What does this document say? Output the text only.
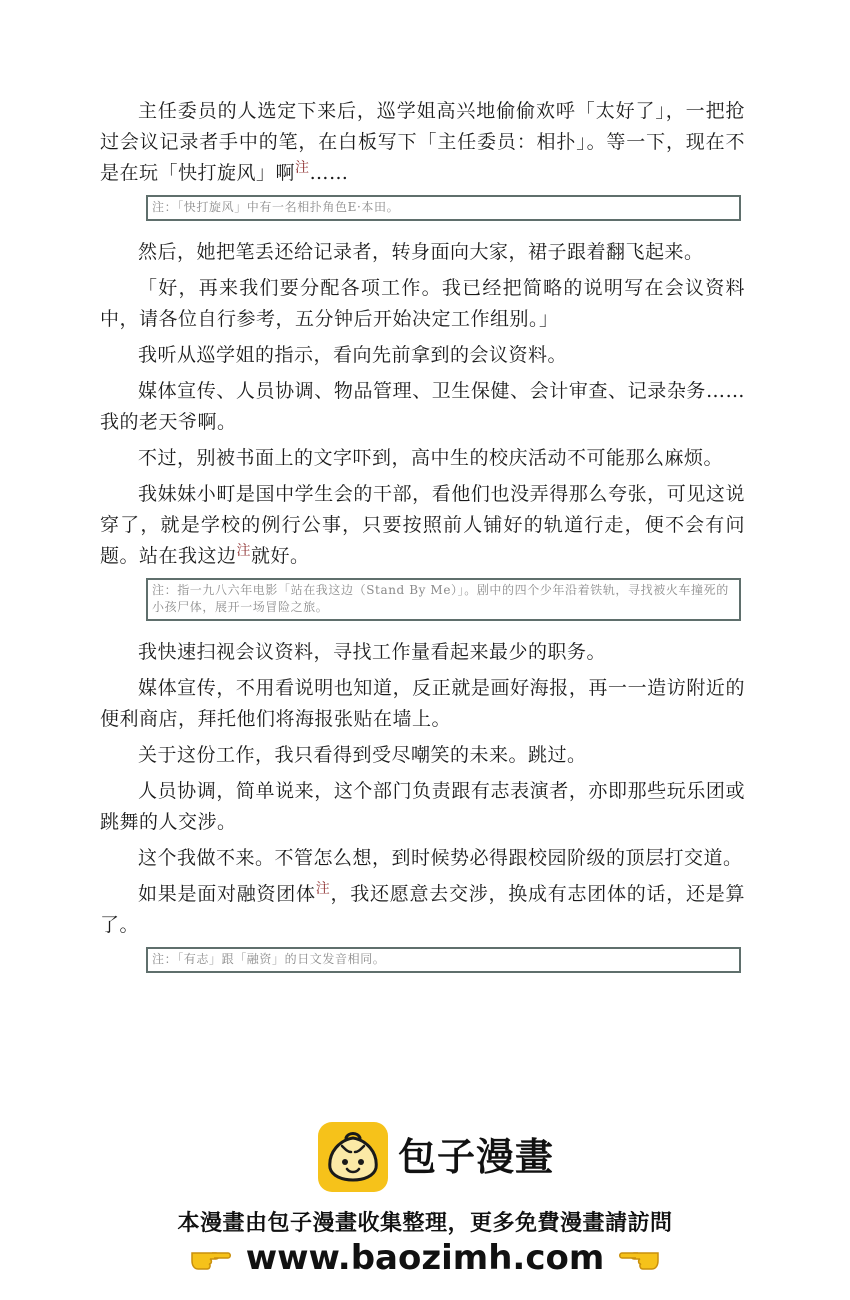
主任委员的人选定下来后，巡学姐高兴地偷偷欢呼「太好了」，一把抢过会议记录者手中的笔，在白板写下「主任委员：相扑」。等一下，现在不是在玩「快打旋风」啊$^注$……

注：「快打旋风」中有一名相扑角色E·本田。

然后，她把笔丢还给记录者，转身面向大家，裙子跟着翻飞起来。

「好，再来我们要分配各项工作。我已经把简略的说明写在会议资料中，请各位自行参考，五分钟后开始决定工作组别。」

我听从巡学姐的指示，看向先前拿到的会议资料。

媒体宣传、人员协调、物品管理、卫生保健、会计审查、记录杂务……我的老天爷啊。

不过，别被书面上的文字吓到，高中生的校庆活动不可能那么麻烦。

我妹妹小町是国中学生会的干部，看他们也没弄得那么夸张，可见这说穿了，就是学校的例行公事，只要按照前人铺好的轨道行走，便不会有问题。站在我这边$^注$就好。

注：指一九八六年电影「站在我这边（Stand By Me）」。剧中的四个少年沿着铁轨，寻找被火车撞死的小孩尸体，展开一场冒险之旅。

我快速扫视会议资料，寻找工作量看起来最少的职务。

媒体宣传，不用看说明也知道，反正就是画好海报，再一一造访附近的便利商店，拜托他们将海报张贴在墙上。

关于这份工作，我只看得到受尽嘲笑的未来。跳过。

人员协调，简单说来，这个部门负责跟有志表演者，亦即那些玩乐团或跳舞的人交涉。

这个我做不来。不管怎么想，到时候势必得跟校园阶级的顶层打交道。

如果是面对融资团体$^注$，我还愿意去交涉，换成有志团体的话，还是算了。

注：「有志」跟「融资」的日文发音相同。
包子漫畫
本漫畫由包子漫畫收集整理，更多免費漫畫請訪問
www.baozimh.com
